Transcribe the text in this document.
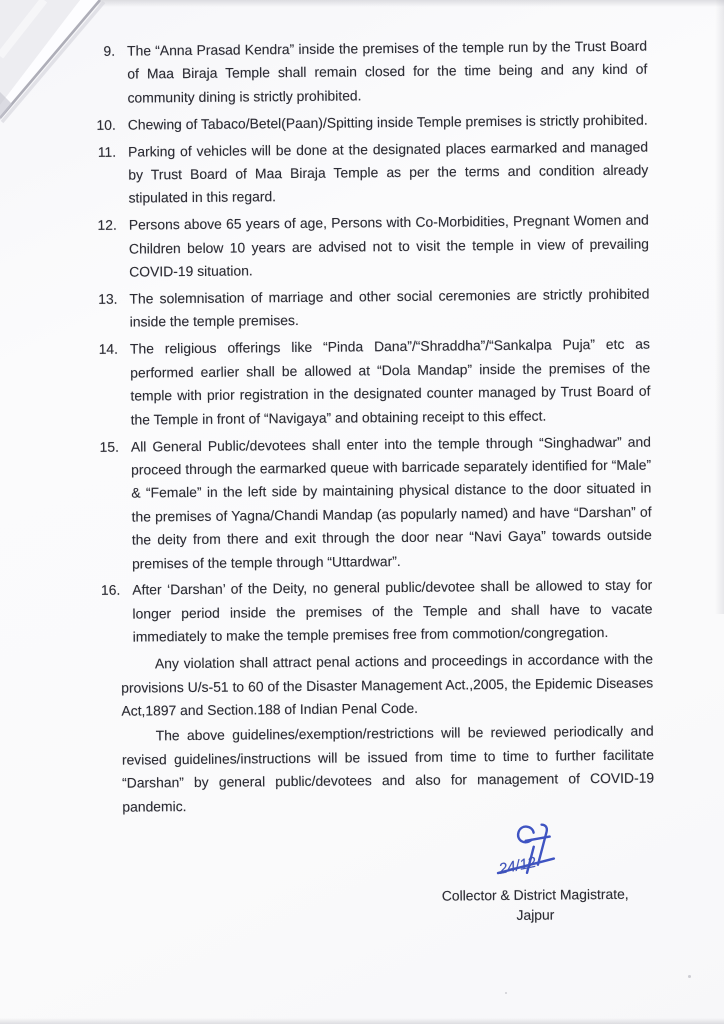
9. The “Anna Prasad Kendra” inside the premises of the temple run by the Trust Board of Maa Biraja Temple shall remain closed for the time being and any kind of community dining is strictly prohibited.
10. Chewing of Tabaco/Betel(Paan)/Spitting inside Temple premises is strictly prohibited.
11. Parking of vehicles will be done at the designated places earmarked and managed by Trust Board of Maa Biraja Temple as per the terms and condition already stipulated in this regard.
12. Persons above 65 years of age, Persons with Co-Morbidities, Pregnant Women and Children below 10 years are advised not to visit the temple in view of prevailing COVID-19 situation.
13. The solemnisation of marriage and other social ceremonies are strictly prohibited inside the temple premises.
14. The religious offerings like “Pinda Dana”/“Shraddha”/“Sankalpa Puja” etc as performed earlier shall be allowed at “Dola Mandap” inside the premises of the temple with prior registration in the designated counter managed by Trust Board of the Temple in front of “Navigaya” and obtaining receipt to this effect.
15. All General Public/devotees shall enter into the temple through “Singhadwar” and proceed through the earmarked queue with barricade separately identified for “Male” & “Female” in the left side by maintaining physical distance to the door situated in the premises of Yagna/Chandi Mandap (as popularly named) and have “Darshan” of the deity from there and exit through the door near “Navi Gaya” towards outside premises of the temple through “Uttardwar”.
16. After ‘Darshan’ of the Deity, no general public/devotee shall be allowed to stay for longer period inside the premises of the Temple and shall have to vacate immediately to make the temple premises free from commotion/congregation.
Any violation shall attract penal actions and proceedings in accordance with the provisions U/s-51 to 60 of the Disaster Management Act.,2005, the Epidemic Diseases Act,1897 and Section.188 of Indian Penal Code.
The above guidelines/exemption/restrictions will be reviewed periodically and revised guidelines/instructions will be issued from time to time to further facilitate “Darshan” by general public/devotees and also for management of COVID-19 pandemic.
24/12
Collector & District Magistrate,
Jajpur
